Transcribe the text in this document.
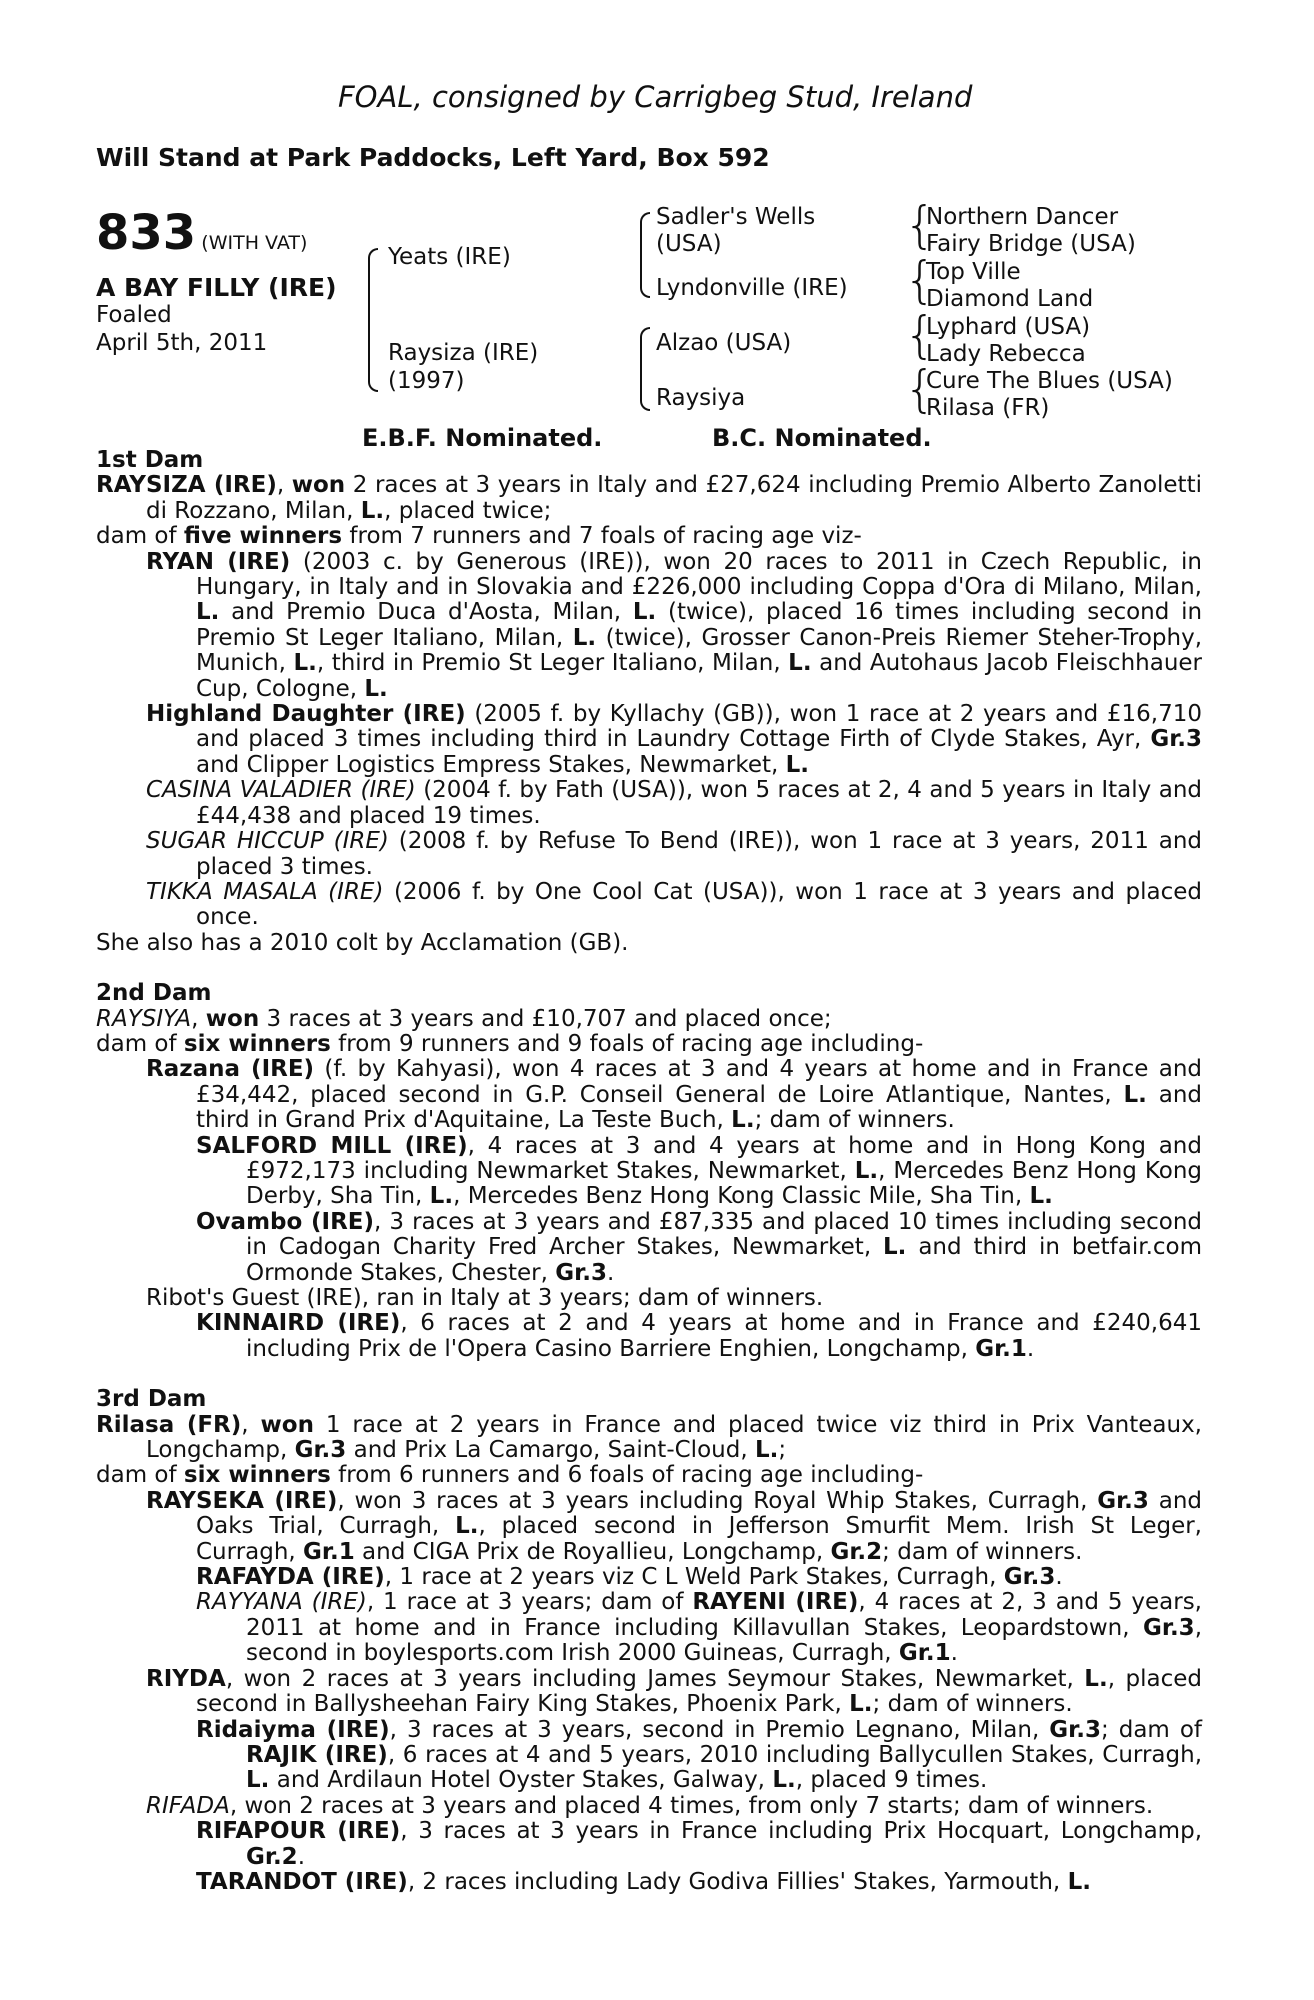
FOAL, consigned by Carrigbeg Stud, Ireland
Will Stand at Park Paddocks, Left Yard, Box 592
833 (WITH VAT)
A BAY FILLY (IRE)
Foaled
April 5th, 2011
Yeats (IRE)
Raysiza (IRE)
(1997)
Sadler's Wells
(USA)
Lyndonville (IRE)
Alzao (USA)
Raysiya
{
Northern Dancer
Fairy Bridge (USA)
{
Top Ville
Diamond Land
{
Lyphard (USA)
Lady Rebecca
{
Cure The Blues (USA)
Rilasa (FR)
E.B.F. Nominated.	B.C. Nominated.

1st Dam

RAYSIZA (IRE), won 2 races at 3 years in Italy and £27,624 including Premio Alberto Zanoletti di Rozzano, Milan, L., placed twice;

dam of five winners from 7 runners and 7 foals of racing age viz-

RYAN (IRE) (2003 c. by Generous (IRE)), won 20 races to 2011 in Czech Republic, in Hungary, in Italy and in Slovakia and £226,000 including Coppa d'Ora di Milano, Milan, L. and Premio Duca d'Aosta, Milan, L. (twice), placed 16 times including second in Premio St Leger Italiano, Milan, L. (twice), Grosser Canon-Preis Riemer Steher-Trophy, Munich, L., third in Premio St Leger Italiano, Milan, L. and Autohaus Jacob Fleischhauer Cup, Cologne, L.

Highland Daughter (IRE) (2005 f. by Kyllachy (GB)), won 1 race at 2 years and £16,710 and placed 3 times including third in Laundry Cottage Firth of Clyde Stakes, Ayr, Gr.3 and Clipper Logistics Empress Stakes, Newmarket, L.

CASINA VALADIER (IRE) (2004 f. by Fath (USA)), won 5 races at 2, 4 and 5 years in Italy and £44,438 and placed 19 times.

SUGAR HICCUP (IRE) (2008 f. by Refuse To Bend (IRE)), won 1 race at 3 years, 2011 and placed 3 times.

TIKKA MASALA (IRE) (2006 f. by One Cool Cat (USA)), won 1 race at 3 years and placed once.

She also has a 2010 colt by Acclamation (GB).

2nd Dam

RAYSIYA, won 3 races at 3 years and £10,707 and placed once;

dam of six winners from 9 runners and 9 foals of racing age including-

Razana (IRE) (f. by Kahyasi), won 4 races at 3 and 4 years at home and in France and £34,442, placed second in G.P. Conseil General de Loire Atlantique, Nantes, L. and third in Grand Prix d'Aquitaine, La Teste Buch, L.; dam of winners.

SALFORD MILL (IRE), 4 races at 3 and 4 years at home and in Hong Kong and £972,173 including Newmarket Stakes, Newmarket, L., Mercedes Benz Hong Kong Derby, Sha Tin, L., Mercedes Benz Hong Kong Classic Mile, Sha Tin, L.

Ovambo (IRE), 3 races at 3 years and £87,335 and placed 10 times including second in Cadogan Charity Fred Archer Stakes, Newmarket, L. and third in betfair.com Ormonde Stakes, Chester, Gr.3.

Ribot's Guest (IRE), ran in Italy at 3 years; dam of winners.

KINNAIRD (IRE), 6 races at 2 and 4 years at home and in France and £240,641 including Prix de l'Opera Casino Barriere Enghien, Longchamp, Gr.1.

3rd Dam

Rilasa (FR), won 1 race at 2 years in France and placed twice viz third in Prix Vanteaux, Longchamp, Gr.3 and Prix La Camargo, Saint-Cloud, L.;

dam of six winners from 6 runners and 6 foals of racing age including-

RAYSEKA (IRE), won 3 races at 3 years including Royal Whip Stakes, Curragh, Gr.3 and Oaks Trial, Curragh, L., placed second in Jefferson Smurfit Mem. Irish St Leger, Curragh, Gr.1 and CIGA Prix de Royallieu, Longchamp, Gr.2; dam of winners.

RAFAYDA (IRE), 1 race at 2 years viz C L Weld Park Stakes, Curragh, Gr.3.

RAYYANA (IRE), 1 race at 3 years; dam of RAYENI (IRE), 4 races at 2, 3 and 5 years, 2011 at home and in France including Killavullan Stakes, Leopardstown, Gr.3, second in boylesports.com Irish 2000 Guineas, Curragh, Gr.1.

RIYDA, won 2 races at 3 years including James Seymour Stakes, Newmarket, L., placed second in Ballysheehan Fairy King Stakes, Phoenix Park, L.; dam of winners.

Ridaiyma (IRE), 3 races at 3 years, second in Premio Legnano, Milan, Gr.3; dam of RAJIK (IRE), 6 races at 4 and 5 years, 2010 including Ballycullen Stakes, Curragh, L. and Ardilaun Hotel Oyster Stakes, Galway, L., placed 9 times.

RIFADA, won 2 races at 3 years and placed 4 times, from only 7 starts; dam of winners.

RIFAPOUR (IRE), 3 races at 3 years in France including Prix Hocquart, Longchamp, Gr.2.

TARANDOT (IRE), 2 races including Lady Godiva Fillies' Stakes, Yarmouth, L.
